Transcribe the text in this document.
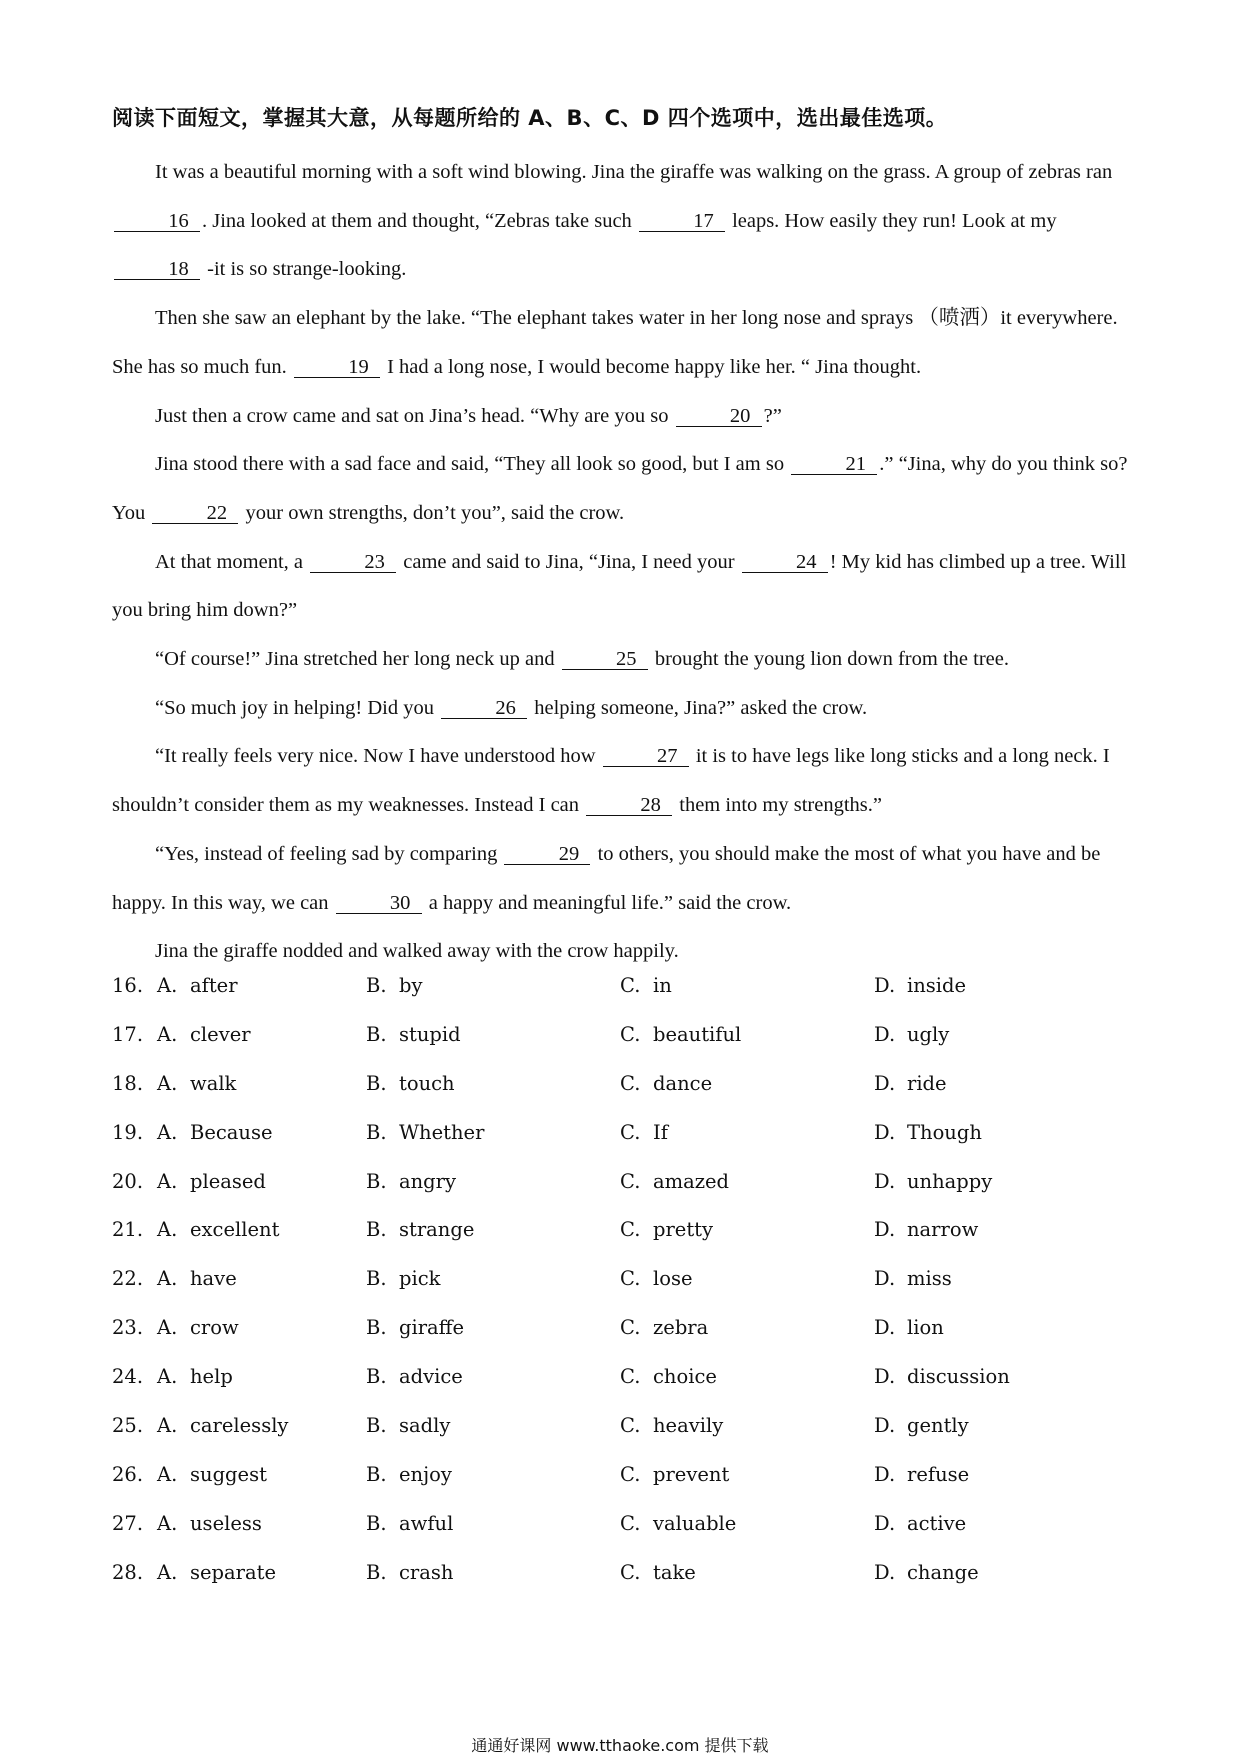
阅读下面短文，掌握其大意，从每题所给的 A、B、C、D 四个选项中，选出最佳选项。

It was a beautiful morning with a soft wind blowing. Jina the giraffe was walking on the grass. A group of zebras ran 16 . Jina looked at them and thought, “Zebras take such	17 leaps. How easily they run! Look at my 18 -it is so strange-looking.

Then she saw an elephant by the lake. “The elephant takes water in her long nose and sprays （喷洒）it everywhere. She has so much fun.	19 I had a long nose, I would become happy like her. “ Jina thought.

Just then a crow came and sat on Jina’s head. “Why are you so	20 ?”

Jina stood there with a sad face and said, “They all look so good, but I am so	21 .” “Jina, why do you think so? You	22 your own strengths, don’t you”, said the crow.

At that moment, a	23 came and said to Jina, “Jina, I need your	24 ! My kid has climbed up a tree. Will you bring him down?”

“Of course!” Jina stretched her long neck up and	25 brought the young lion down from the tree.

“So much joy in helping! Did you	26 helping someone, Jina?” asked the crow.

“It really feels very nice. Now I have understood how	27 it is to have legs like long sticks and a long neck. I shouldn’t consider them as my weaknesses. Instead I can	28 them into my strengths.”

“Yes, instead of feeling sad by comparing	29 to others, you should make the most of what you have and be happy. In this way, we can	30 a happy and meaningful life.” said the crow.

Jina the giraffe nodded and walked away with the crow happily.

16. A. after	B. by	C. in	D. inside
17. A. clever	B. stupid	C. beautiful	D. ugly
18. A. walk	B. touch	C. dance	D. ride
19. A. Because	B. Whether	C. If	D. Though
20. A. pleased	B. angry	C. amazed	D. unhappy
21. A. excellent	B. strange	C. pretty	D. narrow
22. A. have	B. pick	C. lose	D. miss
23. A. crow	B. giraffe	C. zebra	D. lion
24. A. help	B. advice	C. choice	D. discussion
25. A. carelessly	B. sadly	C. heavily	D. gently
26. A. suggest	B. enjoy	C. prevent	D. refuse
27. A. useless	B. awful	C. valuable	D. active
28. A. separate	B. crash	C. take	D. change
通通好课网 www.tthaoke.com 提供下载
